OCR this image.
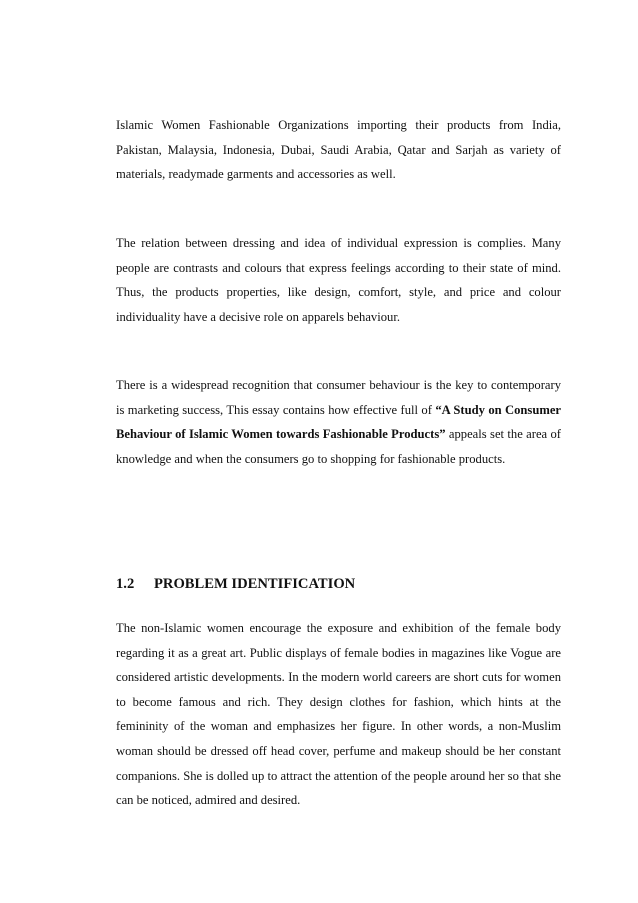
Islamic Women Fashionable Organizations importing their products from India, Pakistan, Malaysia, Indonesia, Dubai, Saudi Arabia, Qatar and Sarjah as variety of materials, readymade garments and accessories as well.

The relation between dressing and idea of individual expression is complies. Many people are contrasts and colours that express feelings according to their state of mind. Thus, the products properties, like design, comfort, style, and price and colour individuality have a decisive role on apparels behaviour.

There is a widespread recognition that consumer behaviour is the key to contemporary is marketing success, This essay contains how effective full of “A Study on Consumer Behaviour of Islamic Women towards Fashionable Products” appeals set the area of knowledge and when the consumers go to shopping for fashionable products.

1.2 PROBLEM IDENTIFICATION

The non-Islamic women encourage the exposure and exhibition of the female body regarding it as a great art. Public displays of female bodies in magazines like Vogue are considered artistic developments. In the modern world careers are short cuts for women to become famous and rich. They design clothes for fashion, which hints at the femininity of the woman and emphasizes her figure. In other words, a non-Muslim woman should be dressed off head cover, perfume and makeup should be her constant companions. She is dolled up to attract the attention of the people around her so that she can be noticed, admired and desired.
